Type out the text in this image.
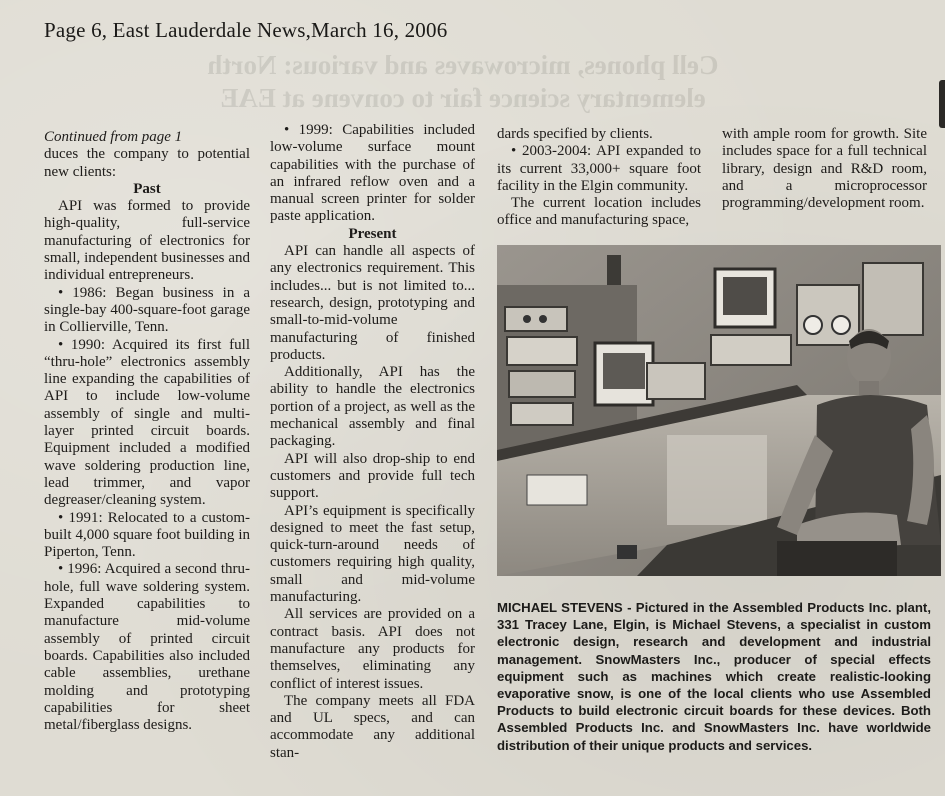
Page 6, East Lauderdale News,March 16, 2006
Cell phones, microwaves and various: North
elementary science fair to convene at EAE

Continued from page 1

duces the company to potential new clients:

Past

API was formed to provide high-quality, full-service manufacturing of electronics for small, independent businesses and individual entrepreneurs.

• 1986: Began business in a single-bay 400-square-foot garage in Collierville, Tenn.

• 1990: Acquired its first full “thru-hole” electronics assembly line expanding the capabilities of API to include low-volume assembly of single and multi-layer printed circuit boards. Equipment included a modified wave soldering production line, lead trimmer, and vapor degreaser/cleaning system.

• 1991: Relocated to a custom-built 4,000 square foot building in Piperton, Tenn.

• 1996: Acquired a second thru-hole, full wave soldering system. Expanded capabilities to manufacture mid-volume assembly of printed circuit boards. Capabilities also included cable assemblies, urethane molding and prototyping capabilities for sheet metal/fiberglass designs.

• 1999: Capabilities included low-volume surface mount capabilities with the purchase of an infrared reflow oven and a manual screen printer for solder paste application.

Present

API can handle all aspects of any electronics requirement. This includes... but is not limited to... research, design, prototyping and small-to-mid-volume manufacturing of finished products.

Additionally, API has the ability to handle the electronics portion of a project, as well as the mechanical assembly and final packaging.

API will also drop-ship to end customers and provide full tech support.

API’s equipment is specifically designed to meet the fast setup, quick-turn-around needs of customers requiring high quality, small and mid-volume manufacturing.

All services are provided on a contract basis. API does not manufacture any products for themselves, eliminating any conflict of interest issues.

The company meets all FDA and UL specs, and can accommodate any additional stan-

dards specified by clients.

• 2003-2004: API expanded to its current 33,000+ square foot facility in the Elgin community.

The current location includes office and manufacturing space,

with ample room for growth. Site includes space for a full technical library, design and R&D room, and a microprocessor programming/development room.

MICHAEL STEVENS - Pictured in the Assembled Products Inc. plant, 331 Tracey Lane, Elgin, is Michael Stevens, a specialist in custom electronic design, research and development and industrial management. SnowMasters Inc., producer of special effects equipment such as machines which create realistic-looking evaporative snow, is one of the local clients who use Assembled Products to build electronic circuit boards for these devices. Both Assembled Products Inc. and SnowMasters Inc. have worldwide distribution of their unique products and services.
